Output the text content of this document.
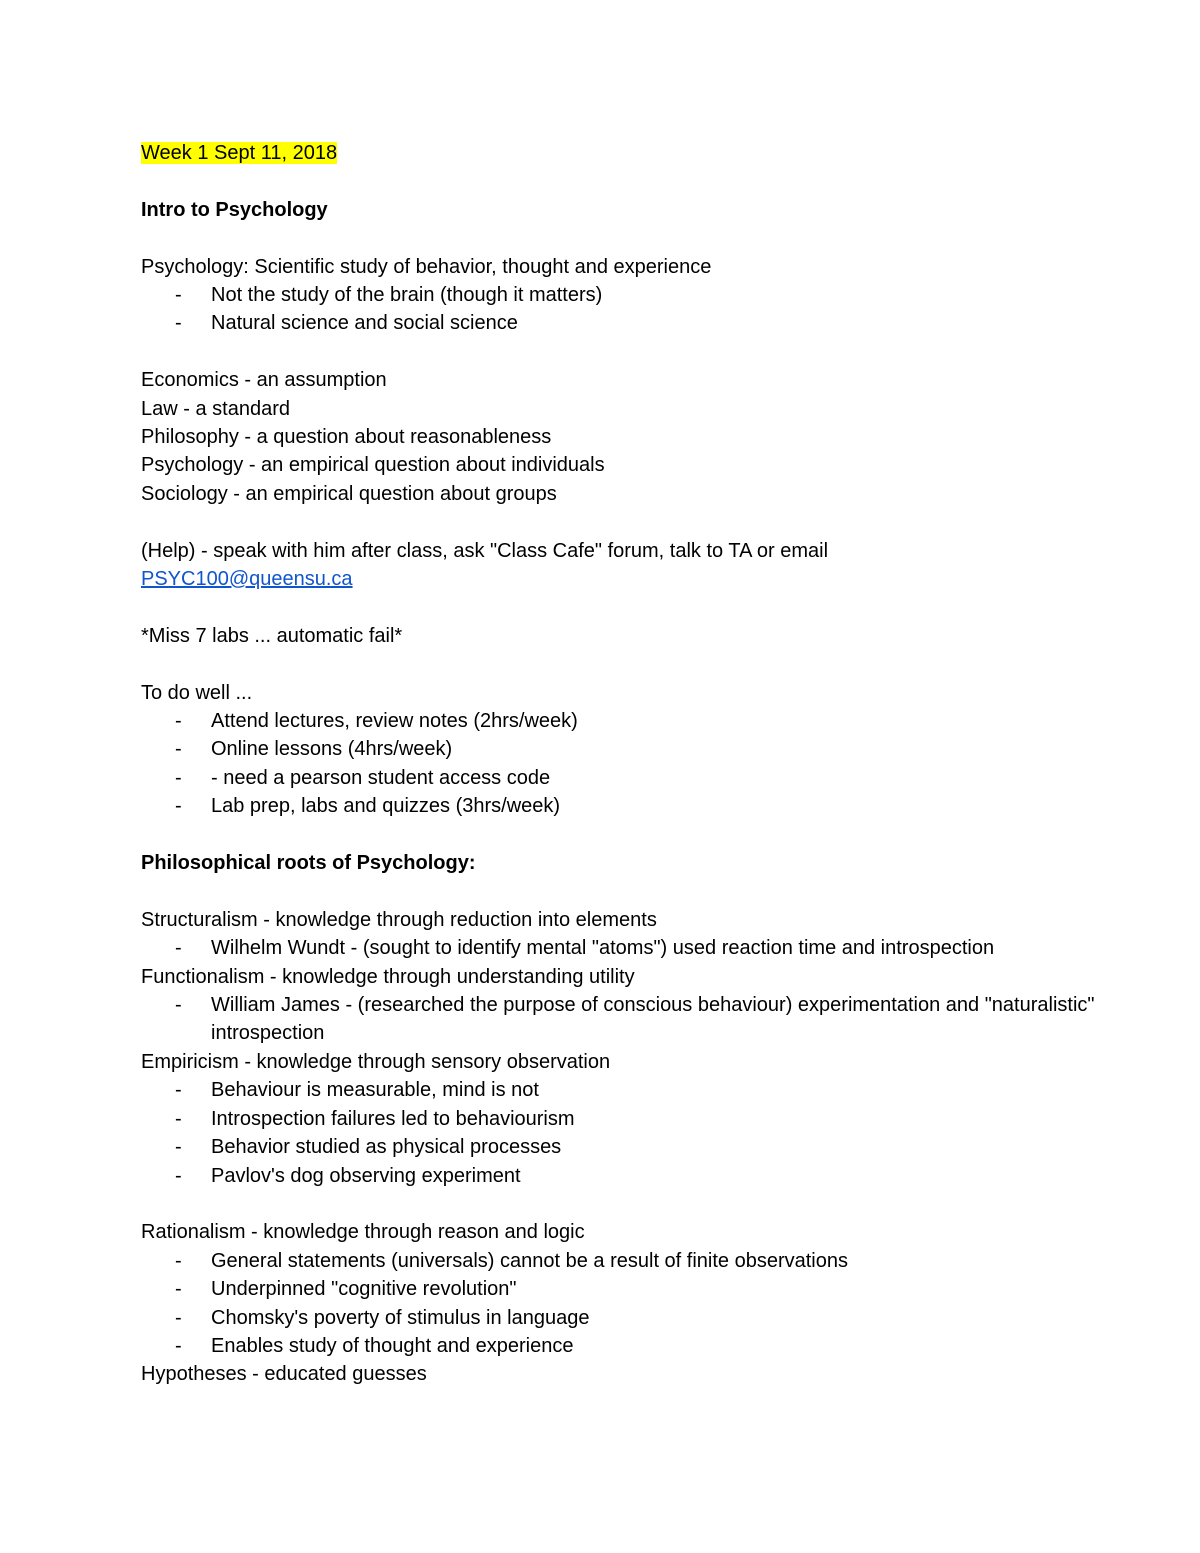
Week 1 Sept 11, 2018
Intro to Psychology
Psychology: Scientific study of behavior, thought and experience
- Not the study of the brain (though it matters)
- Natural science and social science
Economics - an assumption
Law - a standard
Philosophy - a question about reasonableness
Psychology - an empirical question about individuals
Sociology - an empirical question about groups
(Help) - speak with him after class, ask "Class Cafe" forum, talk to TA or email
PSYC100@queensu.ca
*Miss 7 labs ... automatic fail*
To do well ...
- Attend lectures, review notes (2hrs/week)
- Online lessons (4hrs/week)
- - need a pearson student access code
- Lab prep, labs and quizzes (3hrs/week)
Philosophical roots of Psychology:
Structuralism - knowledge through reduction into elements
- Wilhelm Wundt - (sought to identify mental "atoms") used reaction time and introspection
Functionalism - knowledge through understanding utility
- William James - (researched the purpose of conscious behaviour) experimentation and "naturalistic" introspection
Empiricism - knowledge through sensory observation
- Behaviour is measurable, mind is not
- Introspection failures led to behaviourism
- Behavior studied as physical processes
- Pavlov's dog observing experiment
Rationalism - knowledge through reason and logic
- General statements (universals) cannot be a result of finite observations
- Underpinned "cognitive revolution"
- Chomsky's poverty of stimulus in language
- Enables study of thought and experience
Hypotheses - educated guesses
